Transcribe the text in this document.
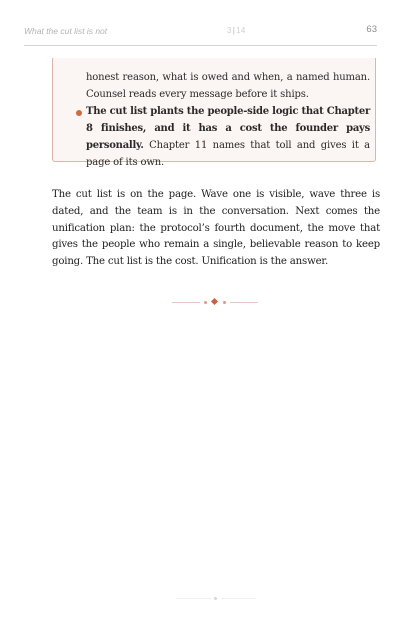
What the cut list is not	3|14	63

honest reason, what is owed and when, a named human. Counsel reads every message before it ships.

The cut list plants the people-side logic that Chapter 8 finishes, and it has a cost the founder pays personally. Chapter 11 names that toll and gives it a page of its own.

The cut list is on the page. Wave one is visible, wave three is dated, and the team is in the conversation. Next comes the unification plan: the protocol’s fourth document, the move that gives the people who remain a single, believable reason to keep going. The cut list is the cost. Unification is the answer.
